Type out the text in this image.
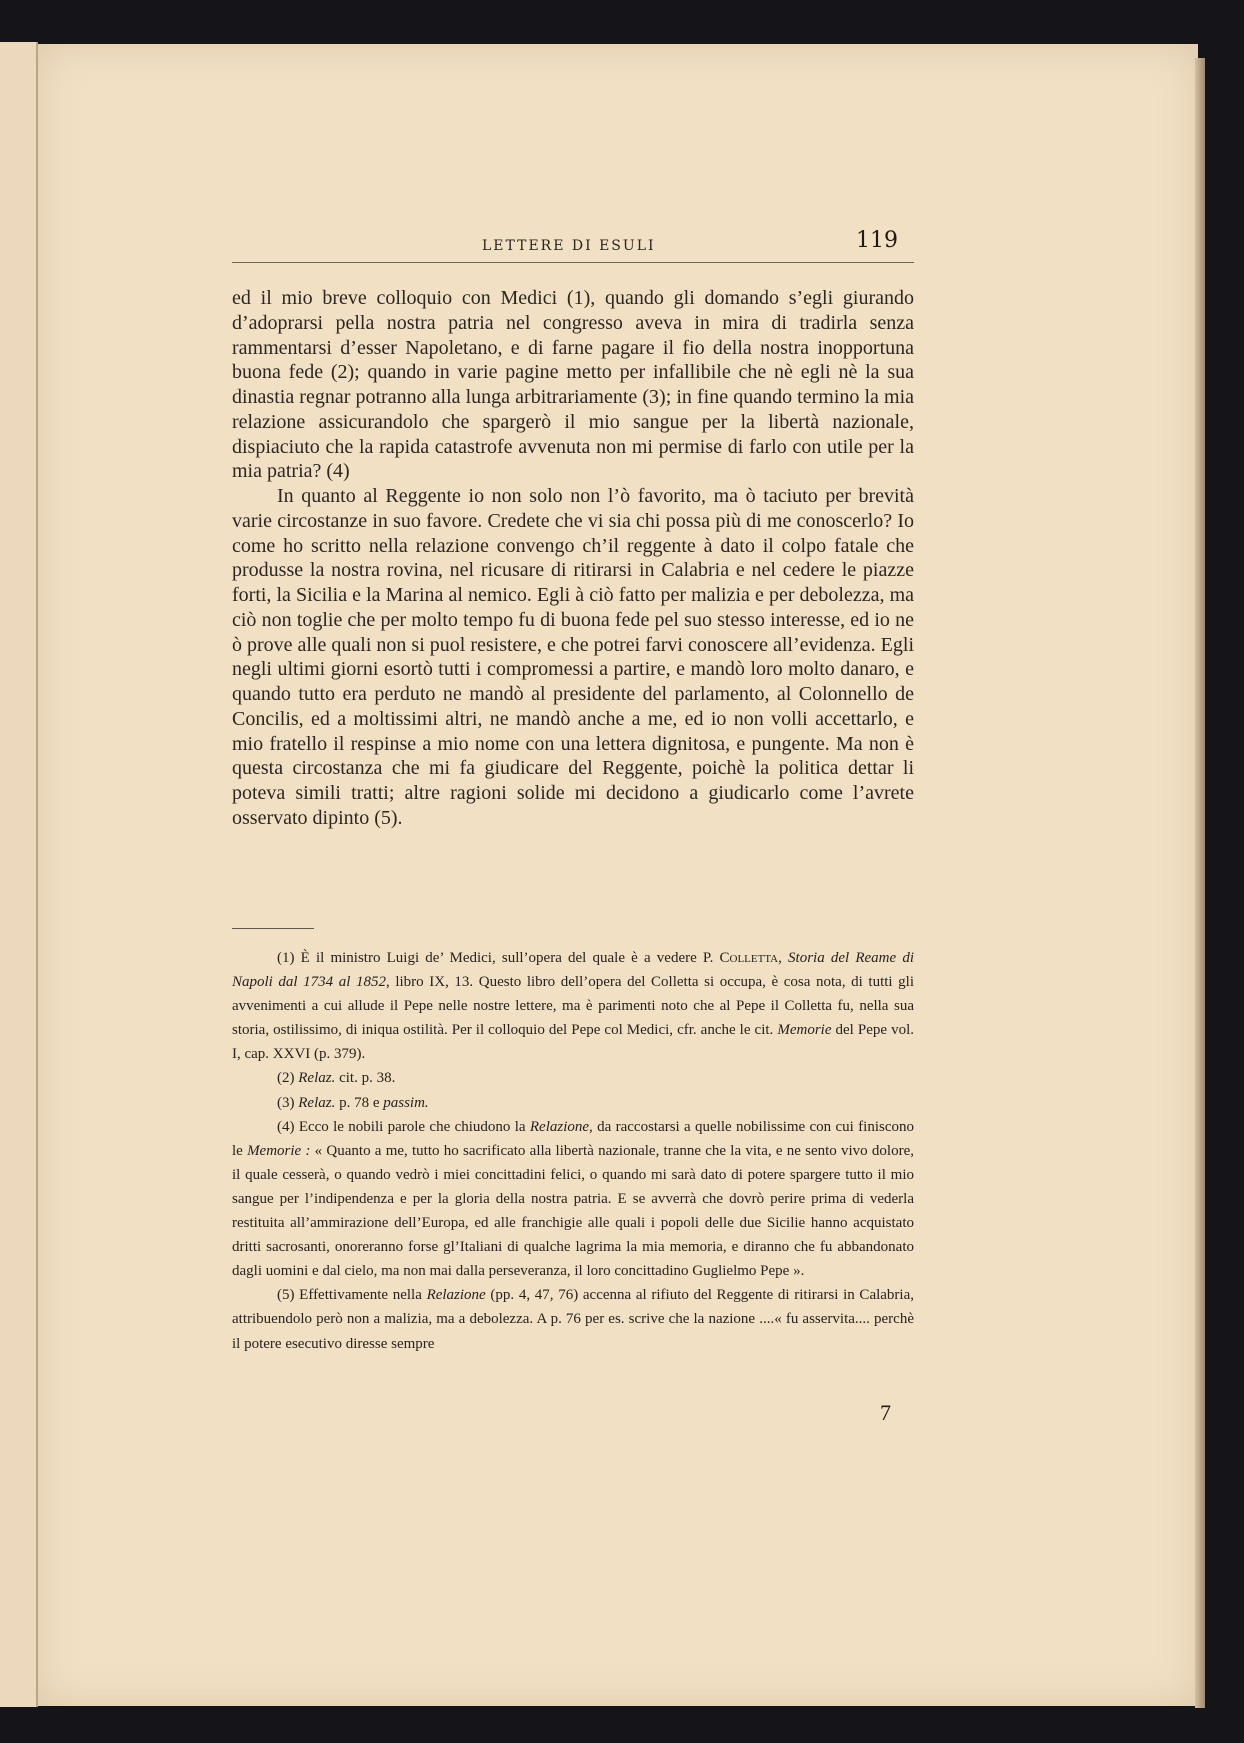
LETTERE DI ESULI	119

ed il mio breve colloquio con Medici (1), quando gli domando s’egli giurando d’adoprarsi pella nostra patria nel congresso aveva in mira di tradirla senza rammentarsi d’esser Napoletano, e di farne pagare il fio della nostra inopportuna buona fede (2); quando in varie pagine metto per infallibile che nè egli nè la sua dinastia regnar potranno alla lunga arbitrariamente (3); in fine quando termino la mia relazione assicurandolo che spargerò il mio sangue per la libertà nazionale, dispiaciuto che la rapida catastrofe avvenuta non mi permise di farlo con utile per la mia patria? (4)

In quanto al Reggente io non solo non l’ò favorito, ma ò taciuto per brevità varie circostanze in suo favore. Credete che vi sia chi possa più di me conoscerlo? Io come ho scritto nella relazione convengo ch’il reggente à dato il colpo fatale che produsse la nostra rovina, nel ricusare di ritirarsi in Calabria e nel cedere le piazze forti, la Sicilia e la Marina al nemico. Egli à ciò fatto per malizia e per debolezza, ma ciò non toglie che per molto tempo fu di buona fede pel suo stesso interesse, ed io ne ò prove alle quali non si puol resistere, e che potrei farvi conoscere all’evidenza. Egli negli ultimi giorni esortò tutti i compromessi a partire, e mandò loro molto danaro, e quando tutto era perduto ne mandò al presidente del parlamento, al Colonnello de Concilis, ed a moltissimi altri, ne mandò anche a me, ed io non volli accettarlo, e mio fratello il respinse a mio nome con una lettera dignitosa, e pungente. Ma non è questa circostanza che mi fa giudicare del Reggente, poichè la politica dettar li poteva simili tratti; altre ragioni solide mi decidono a giudicarlo come l’avrete osservato dipinto (5).

(1) È il ministro Luigi de’ Medici, sull’opera del quale è a vedere P. Colletta, Storia del Reame di Napoli dal 1734 al 1852, libro IX, 13. Questo libro dell’opera del Colletta si occupa, è cosa nota, di tutti gli avvenimenti a cui allude il Pepe nelle nostre lettere, ma è parimenti noto che al Pepe il Colletta fu, nella sua storia, ostilissimo, di iniqua ostilità. Per il colloquio del Pepe col Medici, cfr. anche le cit. Memorie del Pepe vol. I, cap. XXVI (p. 379).

(2) Relaz. cit. p. 38.

(3) Relaz. p. 78 e passim.

(4) Ecco le nobili parole che chiudono la Relazione, da raccostarsi a quelle nobilissime con cui finiscono le Memorie : « Quanto a me, tutto ho sacrificato alla libertà nazionale, tranne che la vita, e ne sento vivo dolore, il quale cesserà, o quando vedrò i miei concittadini felici, o quando mi sarà dato di potere spargere tutto il mio sangue per l’indipendenza e per la gloria della nostra patria. E se avverrà che dovrò perire prima di vederla restituita all’ammirazione dell’Europa, ed alle franchigie alle quali i popoli delle due Sicilie hanno acquistato dritti sacrosanti, onoreranno forse gl’Italiani di qualche lagrima la mia memoria, e diranno che fu abbandonato dagli uomini e dal cielo, ma non mai dalla perseveranza, il loro concittadino Guglielmo Pepe ».

(5) Effettivamente nella Relazione (pp. 4, 47, 76) accenna al rifiuto del Reggente di ritirarsi in Calabria, attribuendolo però non a malizia, ma a debolezza. A p. 76 per es. scrive che la nazione ....« fu asservita.... perchè il potere esecutivo diresse sempre

7
